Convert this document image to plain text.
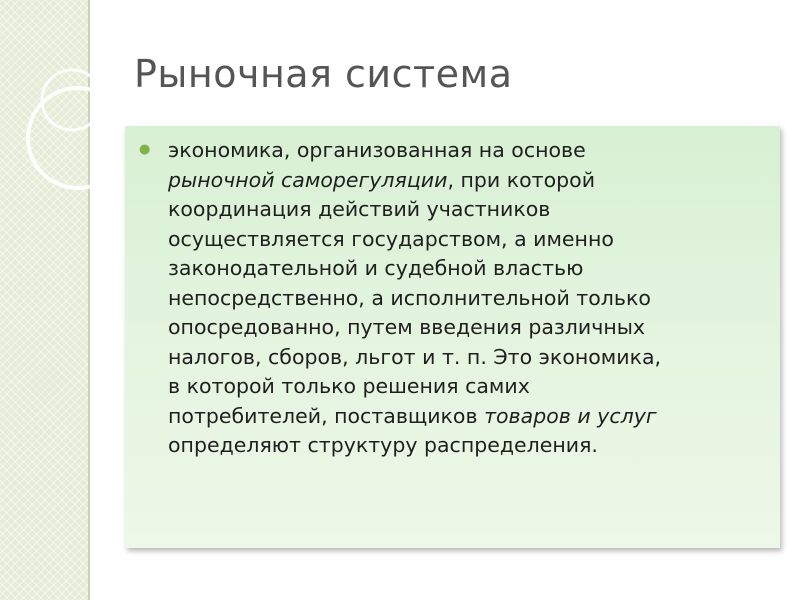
Рыночная система
● экономика, организованная на основе
рыночной саморегуляции, при которой
координация действий участников
осуществляется государством, а именно
законодательной и судебной властью
непосредственно, а исполнительной только
опосредованно, путем введения различных
налогов, сборов, льгот и т. п. Это экономика,
в которой только решения самих
потребителей, поставщиков товаров и услуг
определяют структуру распределения.
